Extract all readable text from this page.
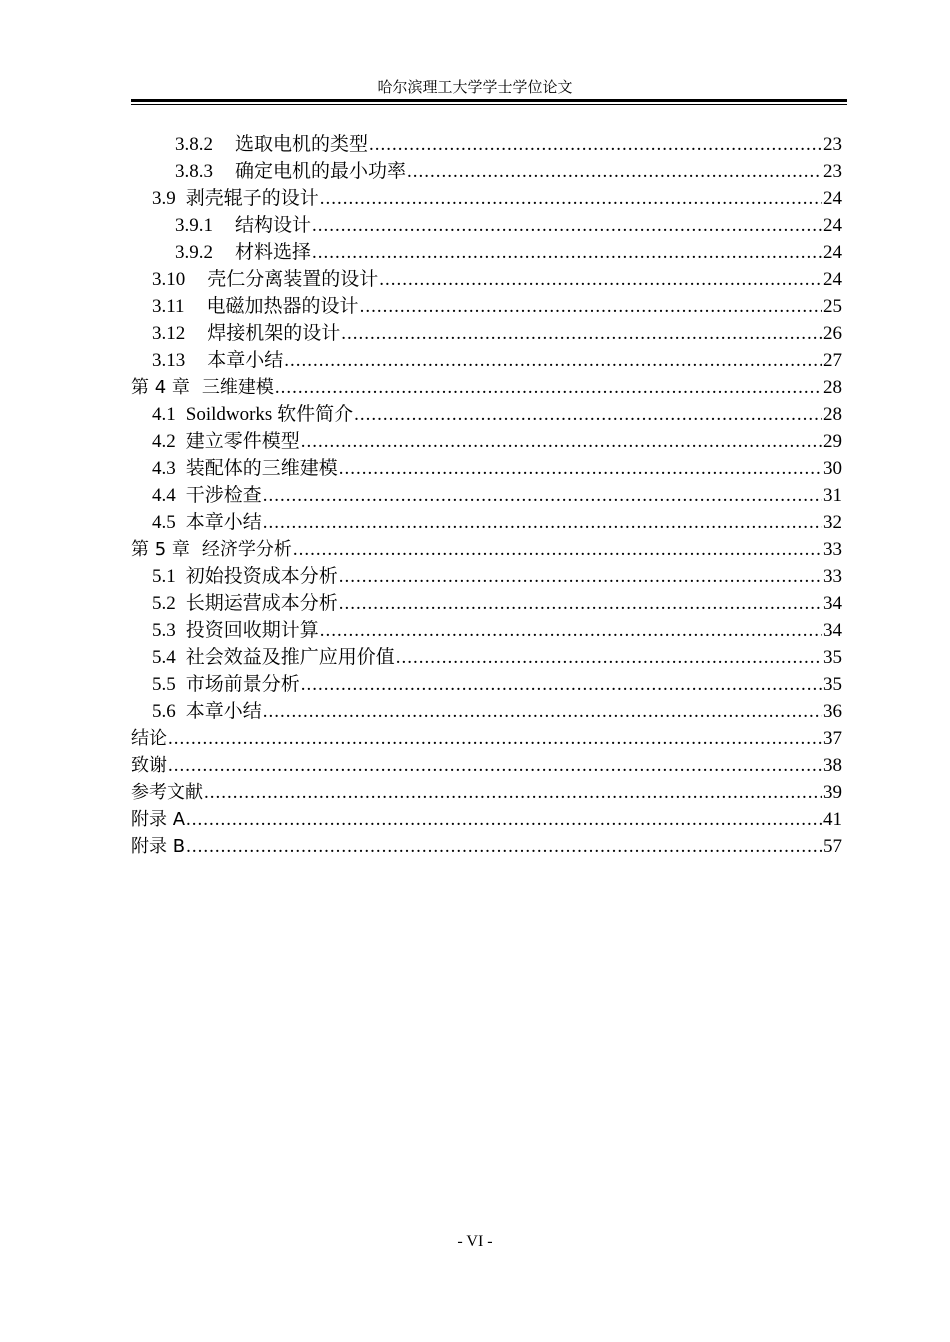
哈尔滨理工大学学士学位论文
3.8.2 选取电机的类型 .....	23
3.8.3 确定电机的最小功率 .....	23
3.9 剥壳辊子的设计 .....	24
3.9.1 结构设计 .....	24
3.9.2 材料选择 .....	24
3.10 壳仁分离装置的设计 .....	24
3.11 电磁加热器的设计 .....	25
3.12 焊接机架的设计 .....	26
3.13 本章小结 .....	27
第 4 章 三维建模 .....	28
4.1 Soildworks 软件简介 .....	28
4.2 建立零件模型 .....	29
4.3 装配体的三维建模 .....	30
4.4 干涉检查 .....	31
4.5 本章小结 .....	32
第 5 章 经济学分析 .....	33
5.1 初始投资成本分析 .....	33
5.2 长期运营成本分析 .....	34
5.3 投资回收期计算 .....	34
5.4 社会效益及推广应用价值 .....	35
5.5 市场前景分析 .....	35
5.6 本章小结 .....	36
结论 .....	37
致谢 .....	38
参考文献 .....	39
附录 A .....	41
附录 B .....	57
- VI -
